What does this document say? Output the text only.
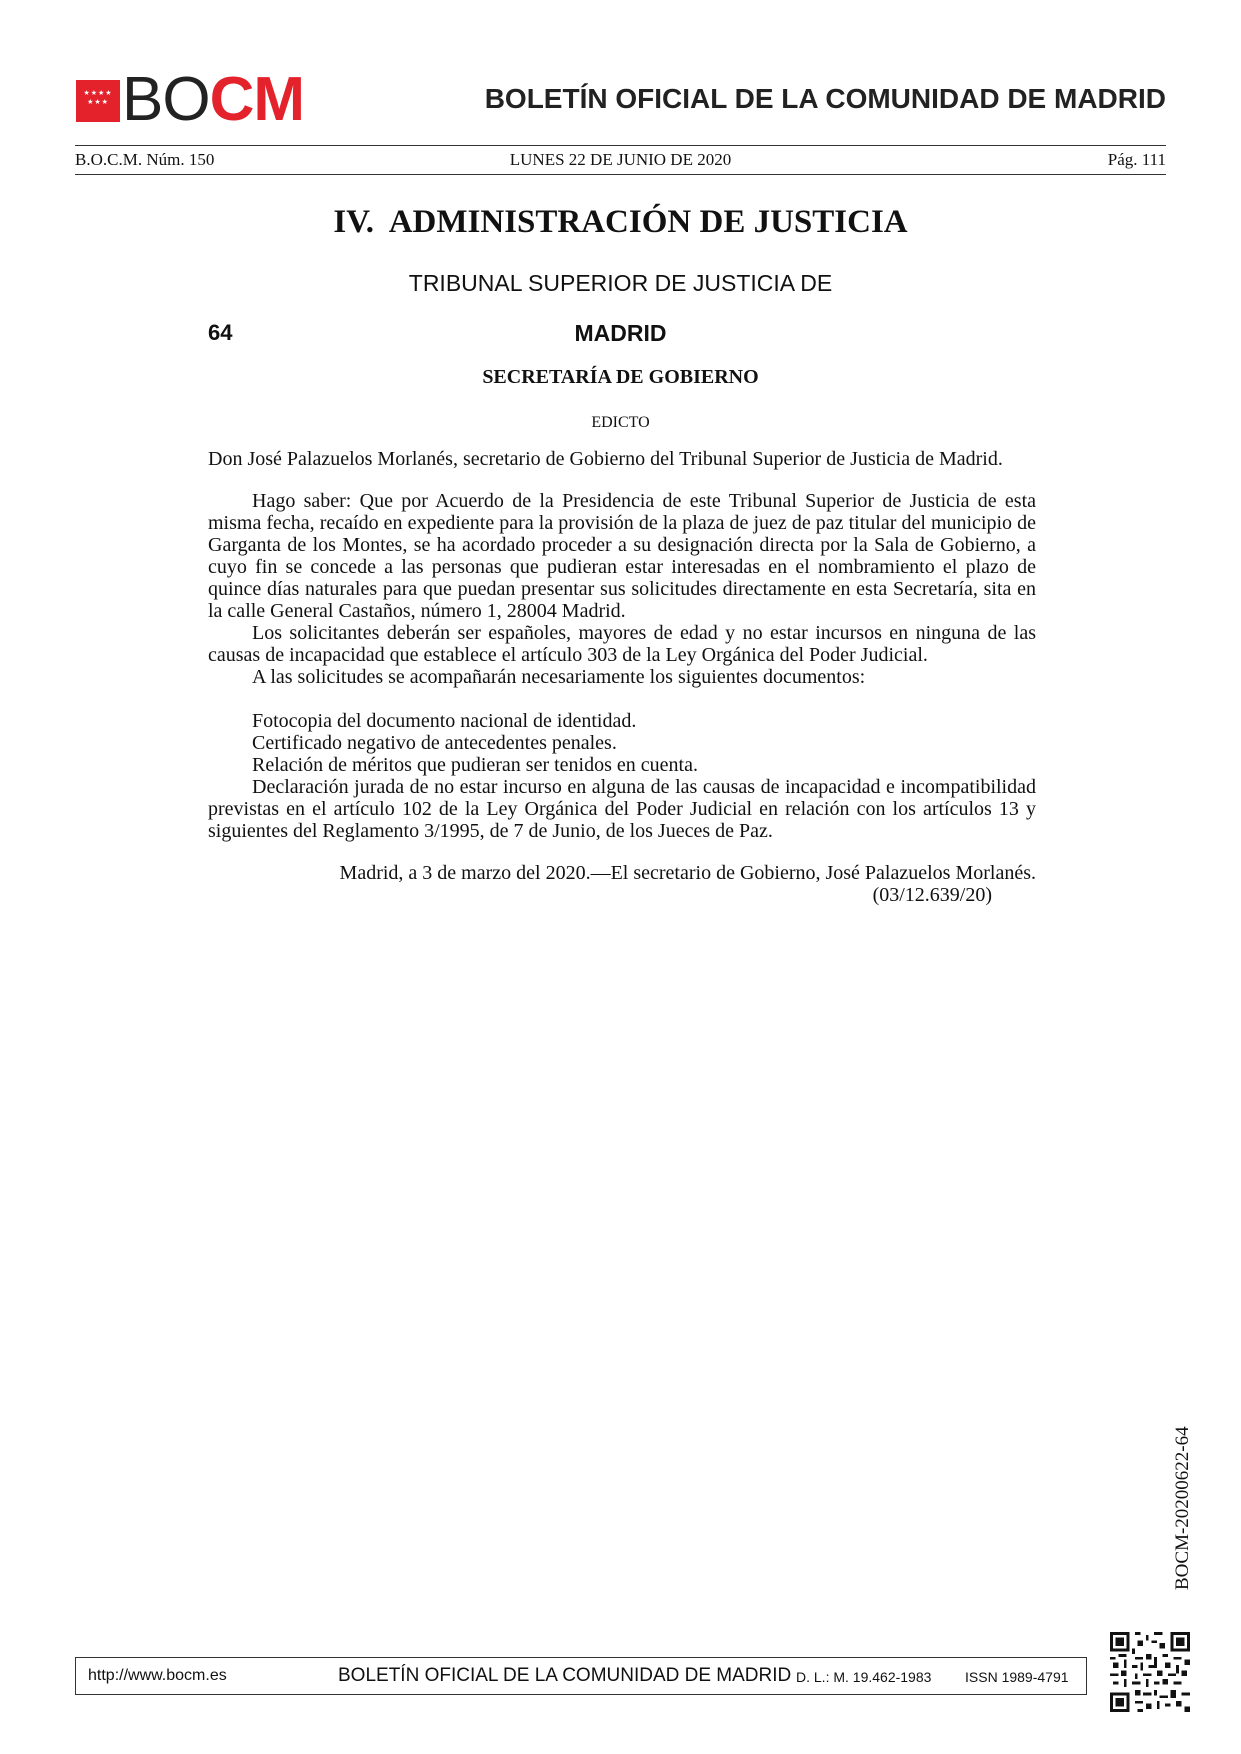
★★★★ ★★★ BOCM	BOLETÍN OFICIAL DE LA COMUNIDAD DE MADRID
B.O.C.M. Núm. 150	LUNES 22 DE JUNIO DE 2020	Pág. 111
IV.  ADMINISTRACIÓN DE JUSTICIA
TRIBUNAL SUPERIOR DE JUSTICIA DE
64	MADRID
SECRETARÍA DE GOBIERNO
EDICTO

Don José Palazuelos Morlanés, secretario de Gobierno del Tribunal Superior de Justicia de Madrid.

Hago saber: Que por Acuerdo de la Presidencia de este Tribunal Superior de Justicia de esta misma fecha, recaído en expediente para la provisión de la plaza de juez de paz titular del municipio de Garganta de los Montes, se ha acordado proceder a su designación directa por la Sala de Gobierno, a cuyo fin se concede a las personas que pudieran estar interesadas en el nombramiento el plazo de quince días naturales para que puedan presentar sus solicitudes directamente en esta Secretaría, sita en la calle General Castaños, número 1, 28004 Madrid.

Los solicitantes deberán ser españoles, mayores de edad y no estar incursos en ninguna de las causas de incapacidad que establece el artículo 303 de la Ley Orgánica del Poder Judicial.

A las solicitudes se acompañarán necesariamente los siguientes documentos:

Fotocopia del documento nacional de identidad.

Certificado negativo de antecedentes penales.

Relación de méritos que pudieran ser tenidos en cuenta.

Declaración jurada de no estar incurso en alguna de las causas de incapacidad e incompatibilidad previstas en el artículo 102 de la Ley Orgánica del Poder Judicial en relación con los artículos 13 y siguientes del Reglamento 3/1995, de 7 de Junio, de los Jueces de Paz.

Madrid, a 3 de marzo del 2020.—El secretario de Gobierno, José Palazuelos Morlanés.

(03/12.639/20)

BOCM-20200622-64
http://www.bocm.es	BOLETÍN OFICIAL DE LA COMUNIDAD DE MADRID D. L.: M. 19.462-1983 ISSN 1989-4791
